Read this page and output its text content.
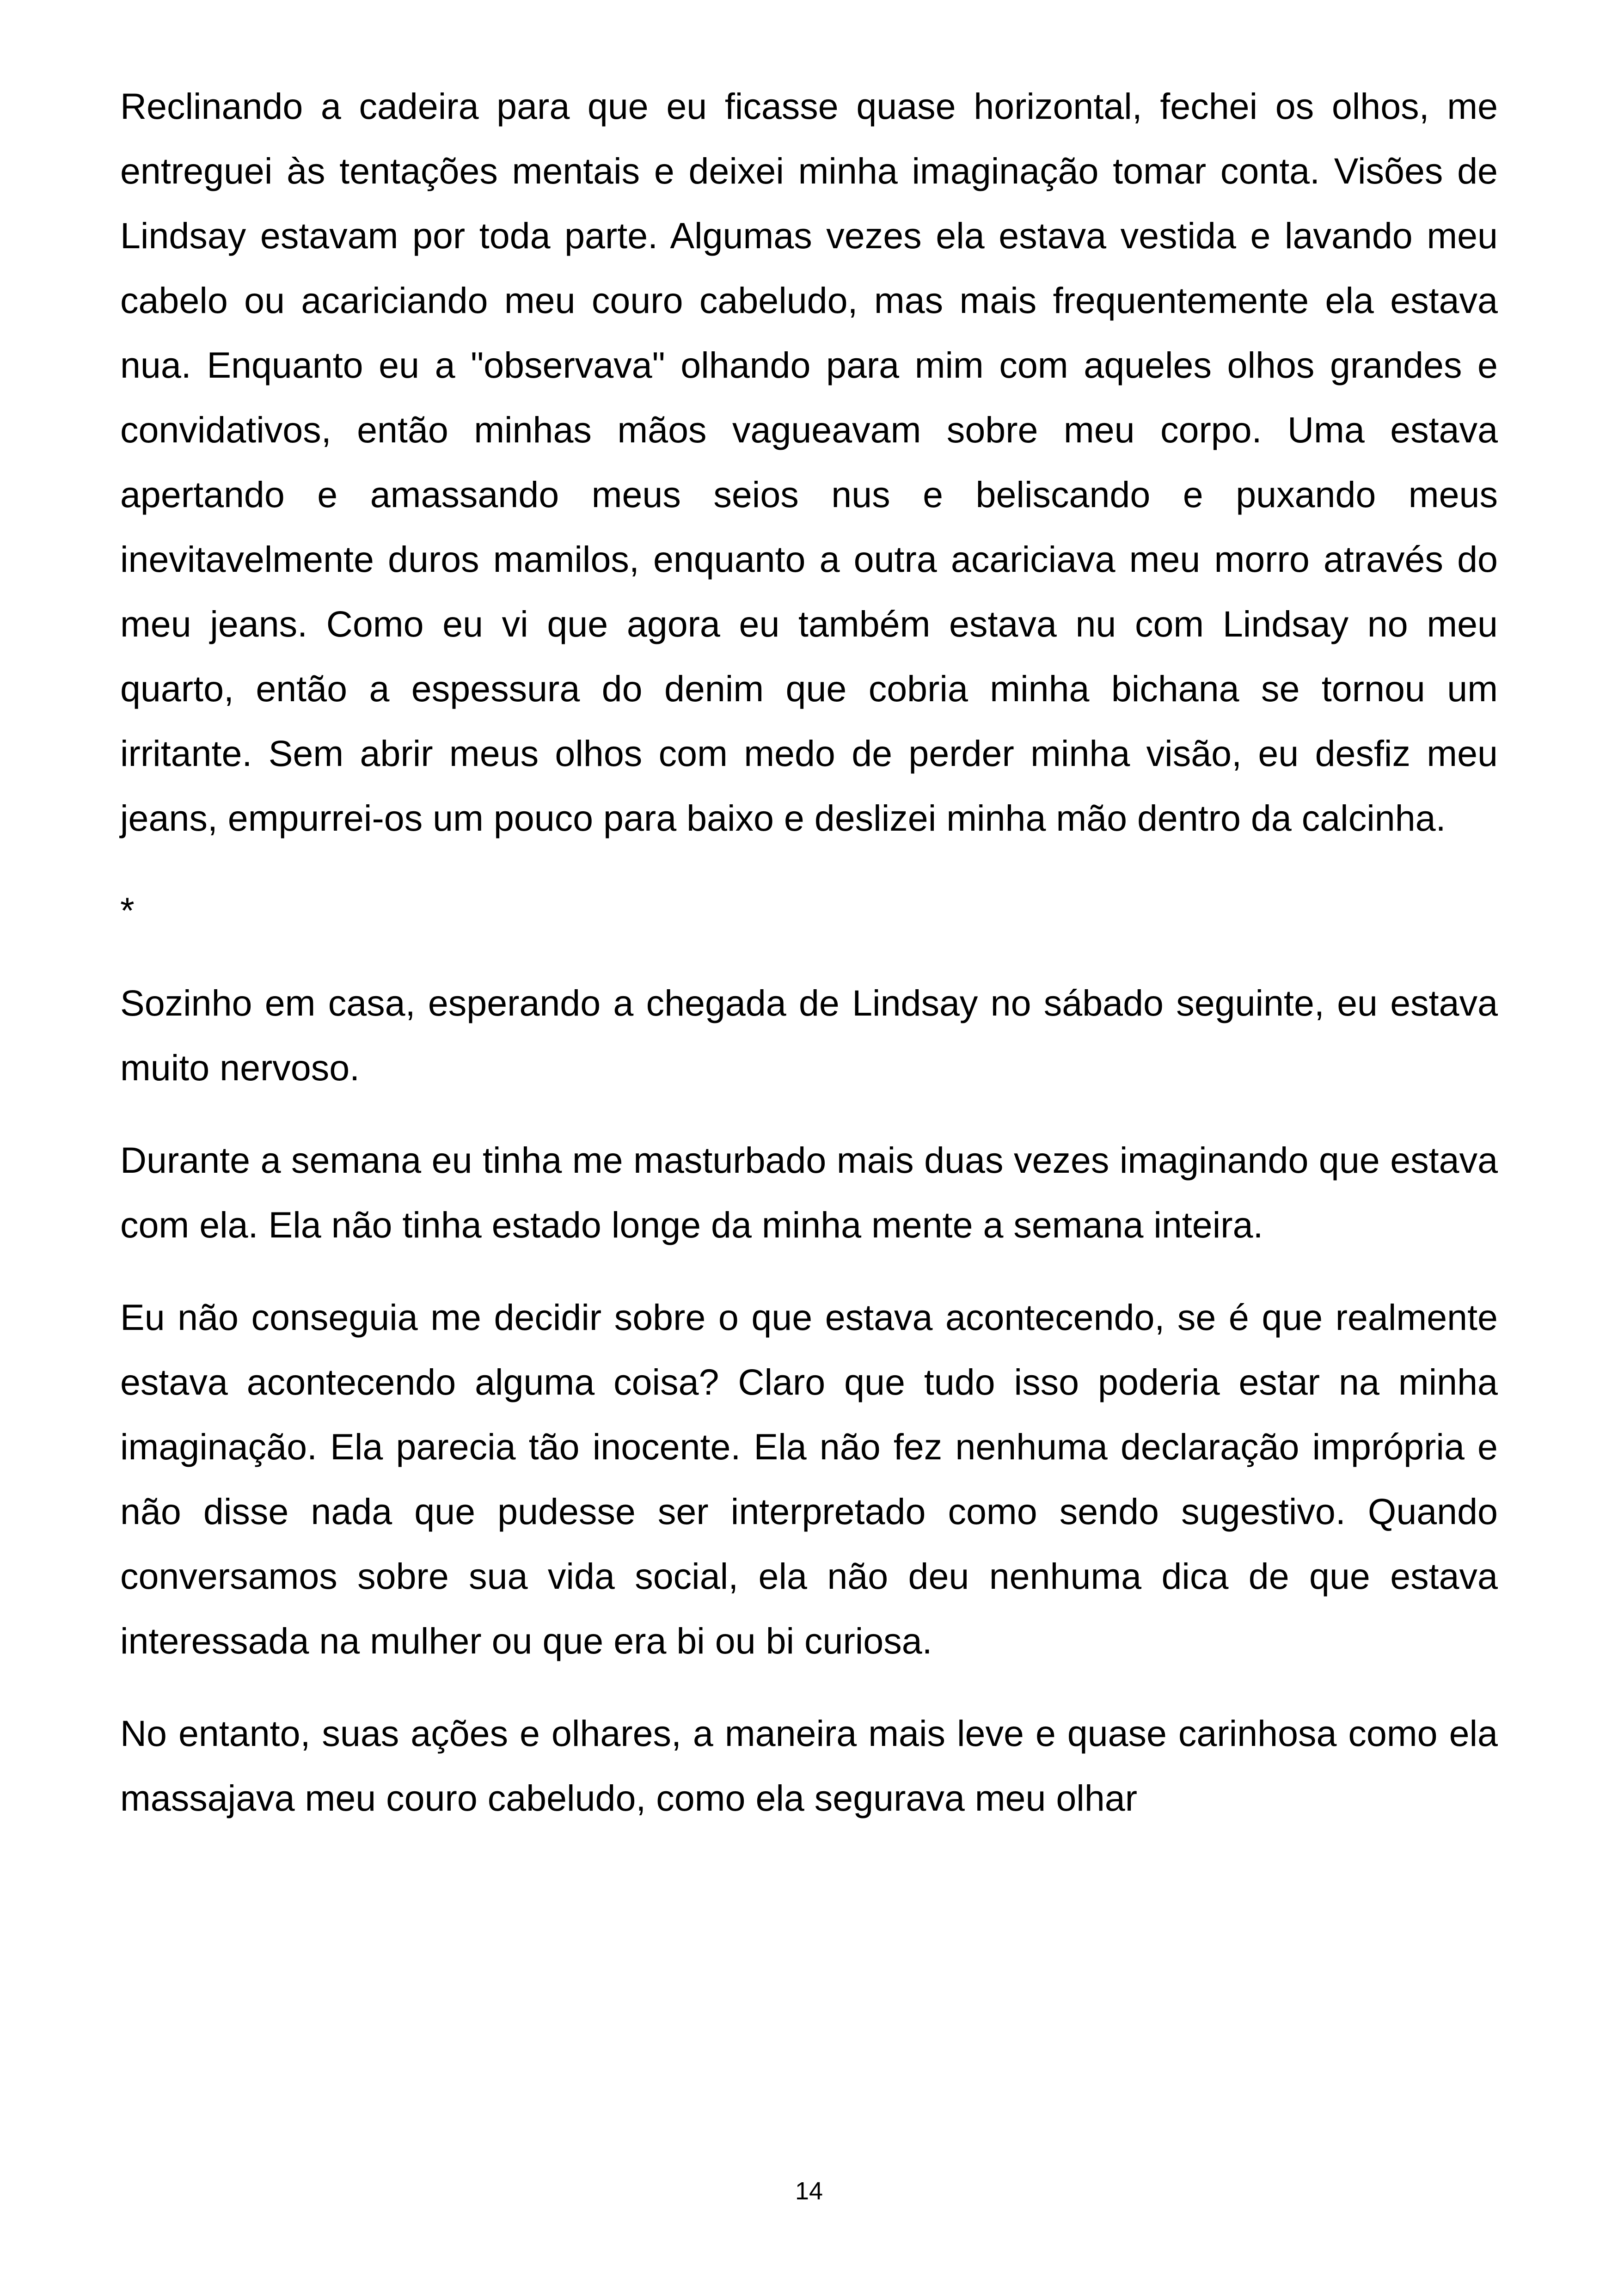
Reclinando a cadeira para que eu ficasse quase horizontal, fechei os olhos, me entreguei às tentações mentais e deixei minha imaginação tomar conta. Visões de Lindsay estavam por toda parte. Algumas vezes ela estava vestida e lavando meu cabelo ou acariciando meu couro cabeludo, mas mais frequentemente ela estava nua. Enquanto eu a "observava" olhando para mim com aqueles olhos grandes e convidativos, então minhas mãos vagueavam sobre meu corpo. Uma estava apertando e amassando meus seios nus e beliscando e puxando meus inevitavelmente duros mamilos, enquanto a outra acariciava meu morro através do meu jeans. Como eu vi que agora eu também estava nu com Lindsay no meu quarto, então a espessura do denim que cobria minha bichana se tornou um irritante. Sem abrir meus olhos com medo de perder minha visão, eu desfiz meu jeans, empurrei-os um pouco para baixo e deslizei minha mão dentro da calcinha.

*

Sozinho em casa, esperando a chegada de Lindsay no sábado seguinte, eu estava muito nervoso.

Durante a semana eu tinha me masturbado mais duas vezes imaginando que estava com ela. Ela não tinha estado longe da minha mente a semana inteira.

Eu não conseguia me decidir sobre o que estava acontecendo, se é que realmente estava acontecendo alguma coisa? Claro que tudo isso poderia estar na minha imaginação. Ela parecia tão inocente. Ela não fez nenhuma declaração imprópria e não disse nada que pudesse ser interpretado como sendo sugestivo. Quando conversamos sobre sua vida social, ela não deu nenhuma dica de que estava interessada na mulher ou que era bi ou bi curiosa.

No entanto, suas ações e olhares, a maneira mais leve e quase carinhosa como ela massajava meu couro cabeludo, como ela segurava meu olhar

14
